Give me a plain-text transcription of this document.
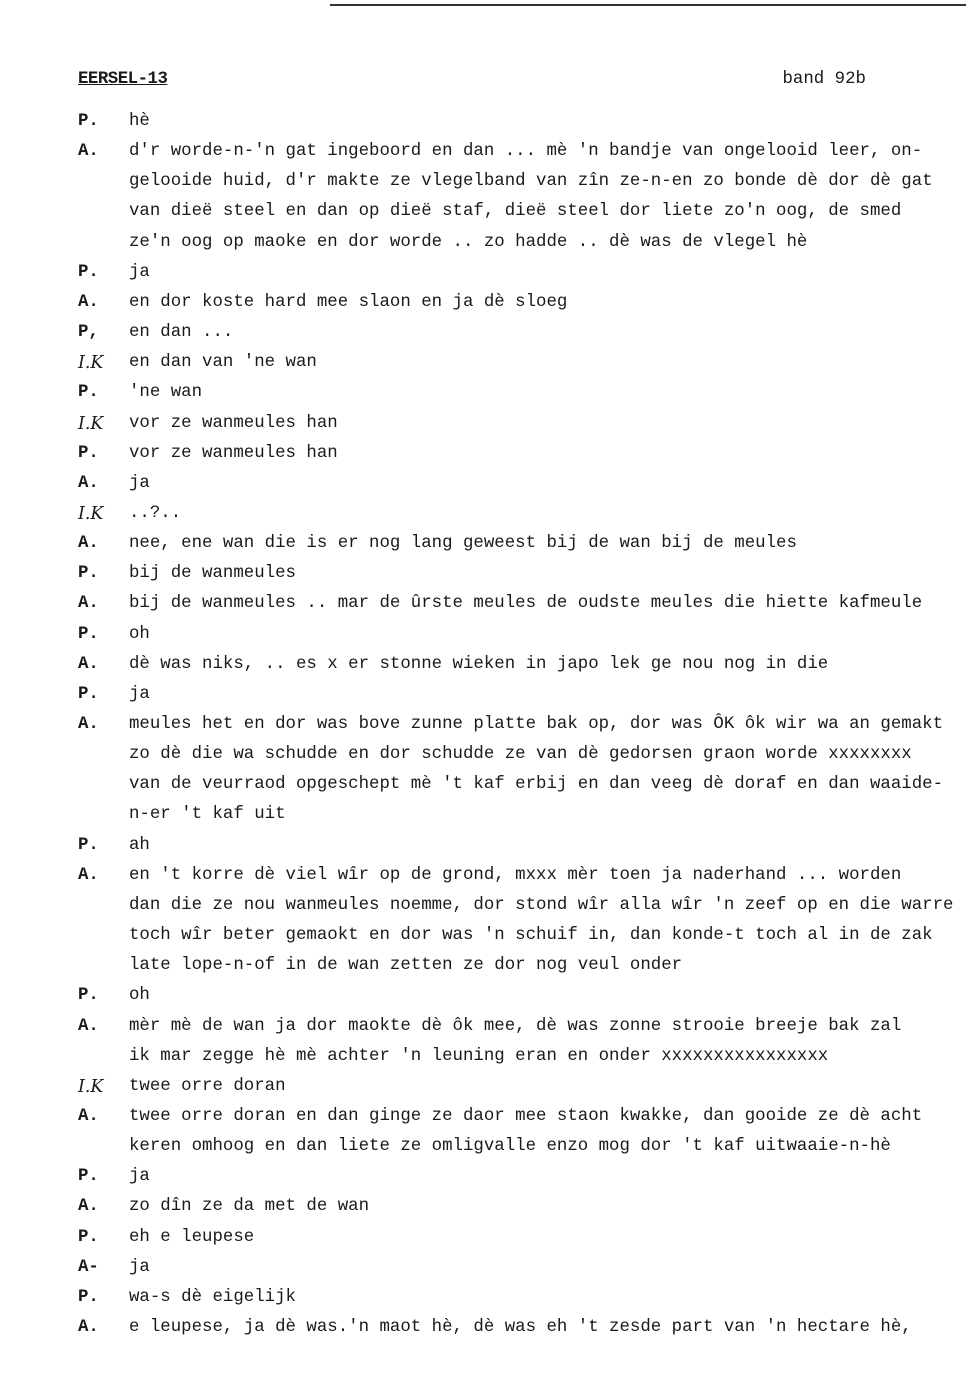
EERSEL-13	band 92b
P.	hè
A.	d'r worde-n-'n gat ingeboord en dan ... mè 'n bandje van ongelooid leer, on-
gelooide huid, d'r makte ze vlegelband van zîn ze-n-en zo bonde dè dor dè gat
van dieë steel en dan op dieë staf, dieë steel dor liete zo'n oog, de smed
ze'n oog op maoke en dor worde .. zo hadde .. dè was de vlegel hè
P.	ja
A.	en dor koste hard mee slaon en ja dè sloeg
P,	en dan ...
I.K	en dan van 'ne wan
P.	'ne wan
I.K	vor ze wanmeules han
P.	vor ze wanmeules han
A.	ja
I.K	..?..
A.	nee, ene wan die is er nog lang geweest bij de wan bij de meules
P.	bij de wanmeules
A.	bij de wanmeules .. mar de ûrste meules de oudste meules die hiette kafmeule
P.	oh
A.	dè was niks, .. es x er stonne wieken in japo lek ge nou nog in die
P.	ja
A.	meules het en dor was bove zunne platte bak op, dor was ÔK ôk wir wa an gemakt
zo dè die wa schudde en dor schudde ze van dè gedorsen graon worde xxxxxxxx
van de veurraod opgeschept mè 't kaf erbij en dan veeg dè doraf en dan waaide-
n-er 't kaf uit
P.	ah
A.	en 't korre dè viel wîr op de grond, mxxx mèr toen ja naderhand ... worden
dan die ze nou wanmeules noemme, dor stond wîr alla wîr 'n zeef op en die warre
toch wîr beter gemaokt en dor was 'n schuif in, dan konde-t toch al in de zak
late lope-n-of in de wan zetten ze dor nog veul onder
P.	oh
A.	mèr mè de wan ja dor maokte dè ôk mee, dè was zonne strooie breeje bak zal
ik mar zegge hè mè achter 'n leuning eran en onder xxxxxxxxxxxxxxxx
I.K	twee orre doran
A.	twee orre doran en dan ginge ze daor mee staon kwakke, dan gooide ze dè acht
keren omhoog en dan liete ze omligvalle enzo mog dor 't kaf uitwaaie-n-hè
P.	ja
A.	zo dîn ze da met de wan
P.	eh e leupese
A-	ja
P.	wa-s dè eigelijk
A.	e leupese, ja dè was.'n maot hè, dè was eh 't zesde part van 'n hectare hè,
